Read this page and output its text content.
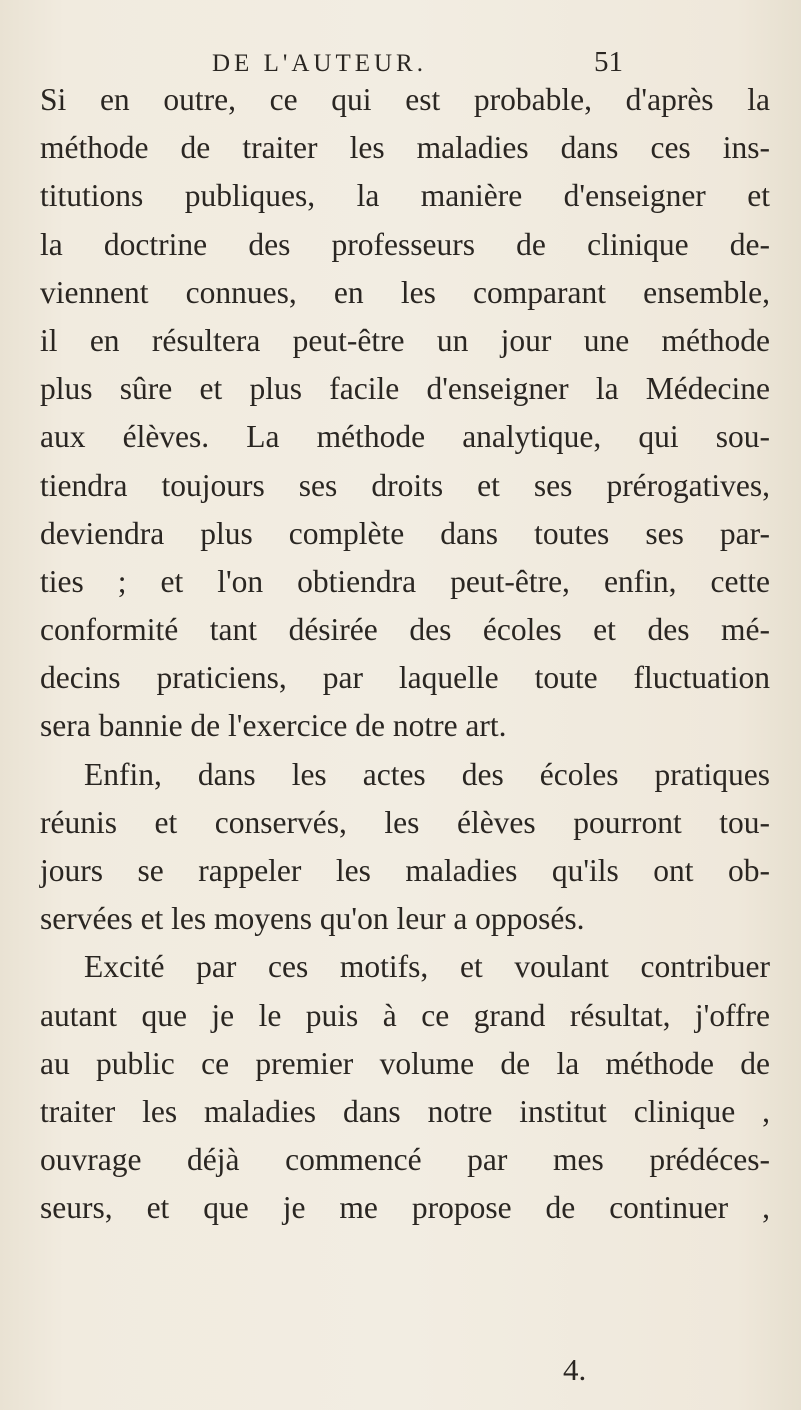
DE L'AUTEUR.	51
Si en outre, ce qui est probable, d'après la
méthode de traiter les maladies dans ces ins-
titutions publiques, la manière d'enseigner et
la doctrine des professeurs de clinique de-
viennent connues, en les comparant ensemble,
il en résultera peut-être un jour une méthode
plus sûre et plus facile d'enseigner la Médecine
aux élèves. La méthode analytique, qui sou-
tiendra toujours ses droits et ses prérogatives,
deviendra plus complète dans toutes ses par-
ties ; et l'on obtiendra peut-être, enfin, cette
conformité tant désirée des écoles et des mé-
decins praticiens, par laquelle toute fluctuation
sera bannie de l'exercice de notre art.
Enfin, dans les actes des écoles pratiques
réunis et conservés, les élèves pourront tou-
jours se rappeler les maladies qu'ils ont ob-
servées et les moyens qu'on leur a opposés.
Excité par ces motifs, et voulant contribuer
autant que je le puis à ce grand résultat, j'offre
au public ce premier volume de la méthode de
traiter les maladies dans notre institut clinique ,
ouvrage déjà commencé par mes prédéces-
seurs, et que je me propose de continuer ,
4.
